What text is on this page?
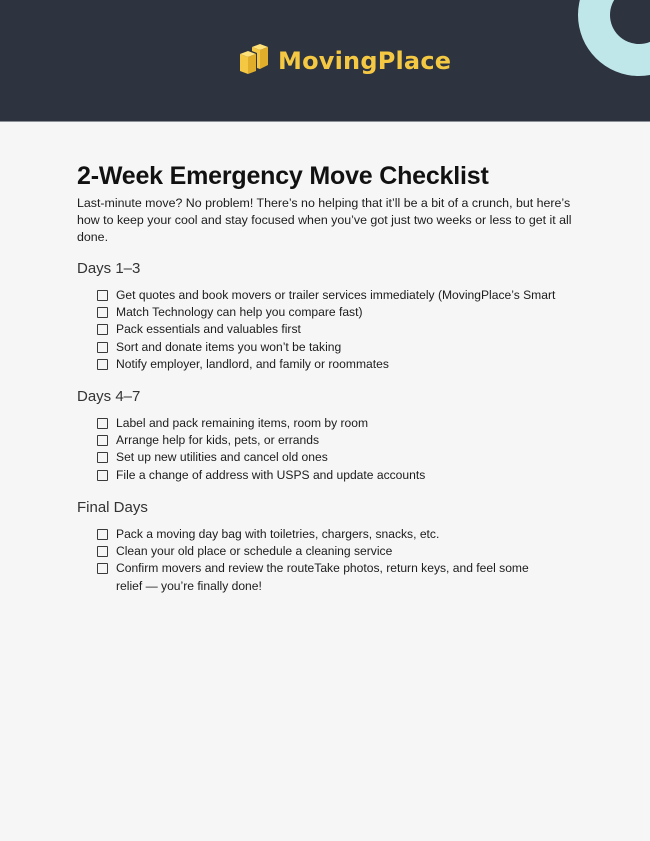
MovingPlace
2-Week Emergency Move Checklist

Last-minute move? No problem! There’s no helping that it’ll be a bit of a crunch, but here’s how to keep your cool and stay focused when you’ve got just two weeks or less to get it all done.

Days 1–3
Get quotes and book movers or trailer services immediately (MovingPlace’s Smart
Match Technology can help you compare fast)
Pack essentials and valuables first
Sort and donate items you won’t be taking
Notify employer, landlord, and family or roommates
Days 4–7
Label and pack remaining items, room by room
Arrange help for kids, pets, or errands
Set up new utilities and cancel old ones
File a change of address with USPS and update accounts
Final Days
Pack a moving day bag with toiletries, chargers, snacks, etc.
Clean your old place or schedule a cleaning service
Confirm movers and review the routeTake photos, return keys, and feel some relief — you’re finally done!
